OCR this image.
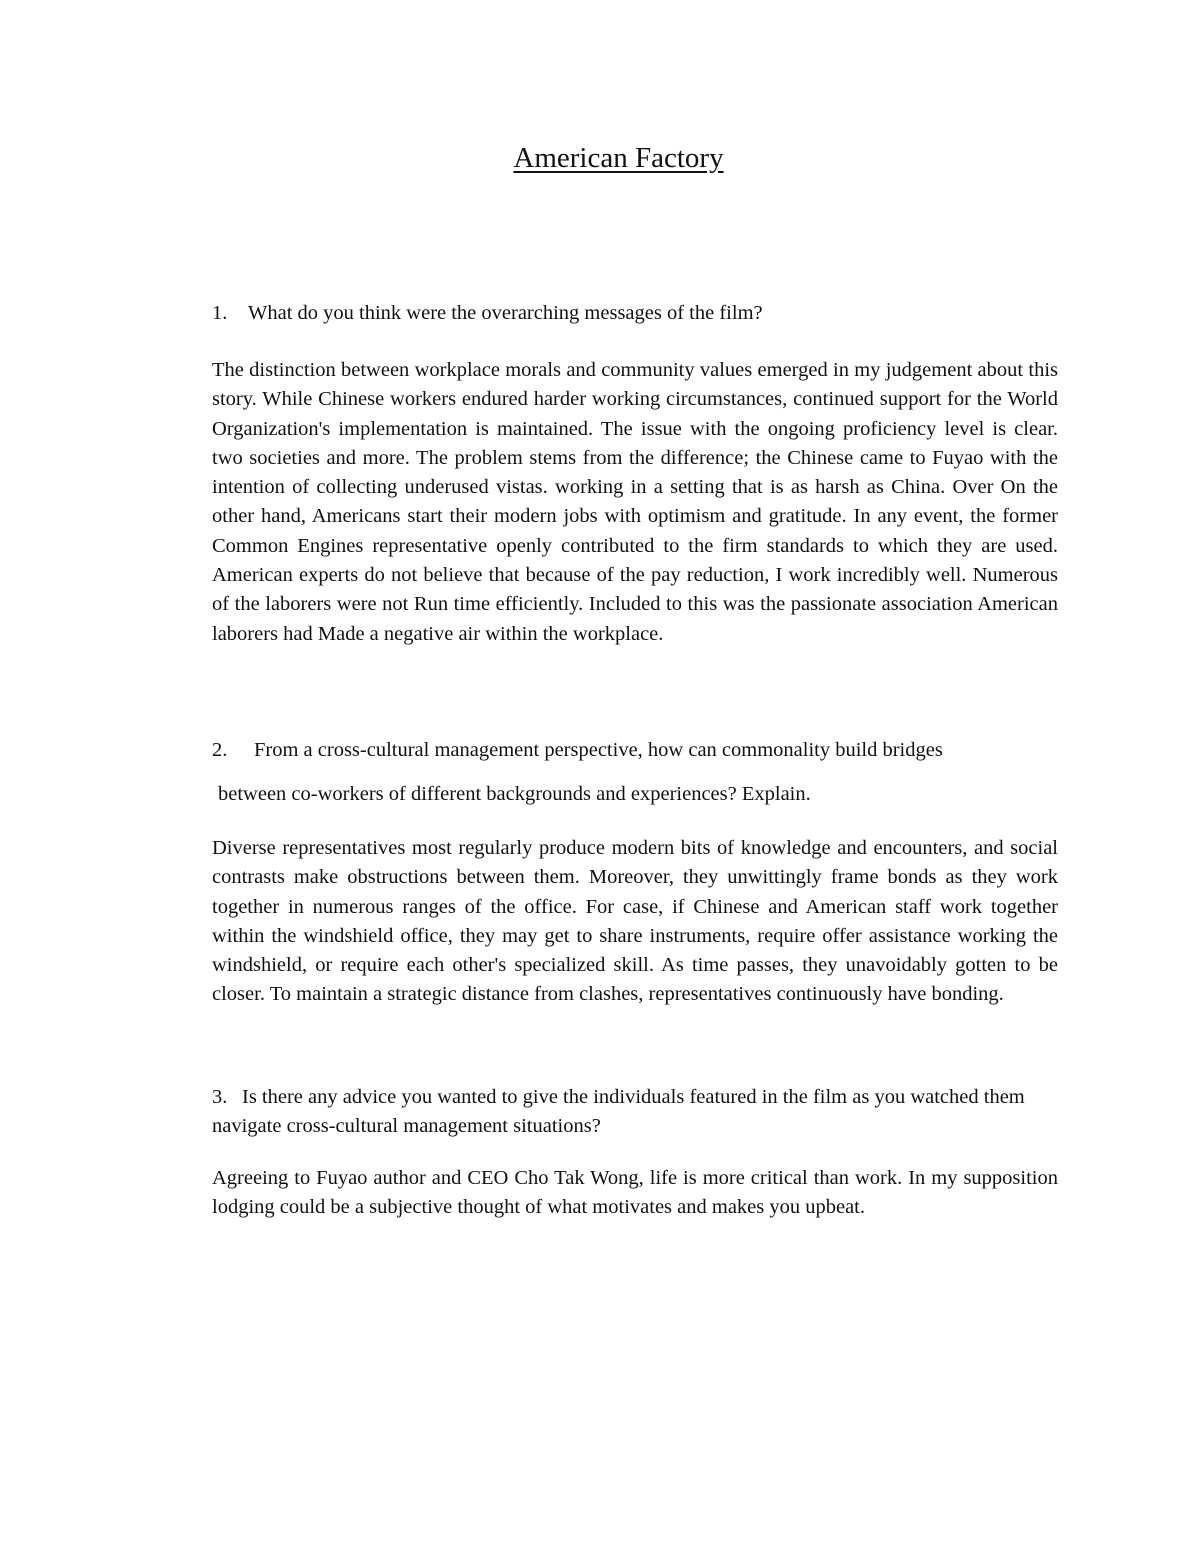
American Factory

1. What do you think were the overarching messages of the film?

The distinction between workplace morals and community values emerged in my judgement about this story. While Chinese workers endured harder working circumstances, continued support for the World Organization's implementation is maintained. The issue with the ongoing proficiency level is clear. two societies and more. The problem stems from the difference; the Chinese came to Fuyao with the intention of collecting underused vistas. working in a setting that is as harsh as China. Over On the other hand, Americans start their modern jobs with optimism and gratitude. In any event, the former Common Engines representative openly contributed to the firm standards to which they are used. American experts do not believe that because of the pay reduction, I work incredibly well. Numerous of the laborers were not Run time efficiently. Included to this was the passionate association American laborers had Made a negative air within the workplace.

2. From a cross-cultural management perspective, how can commonality build bridges

between co-workers of different backgrounds and experiences? Explain.

Diverse representatives most regularly produce modern bits of knowledge and encounters, and social contrasts make obstructions between them. Moreover, they unwittingly frame bonds as they work together in numerous ranges of the office. For case, if Chinese and American staff work together within the windshield office, they may get to share instruments, require offer assistance working the windshield, or require each other's specialized skill. As time passes, they unavoidably gotten to be closer. To maintain a strategic distance from clashes, representatives continuously have bonding.

3. Is there any advice you wanted to give the individuals featured in the film as you watched them navigate cross-cultural management situations?

Agreeing to Fuyao author and CEO Cho Tak Wong, life is more critical than work. In my supposition lodging could be a subjective thought of what motivates and makes you upbeat.
